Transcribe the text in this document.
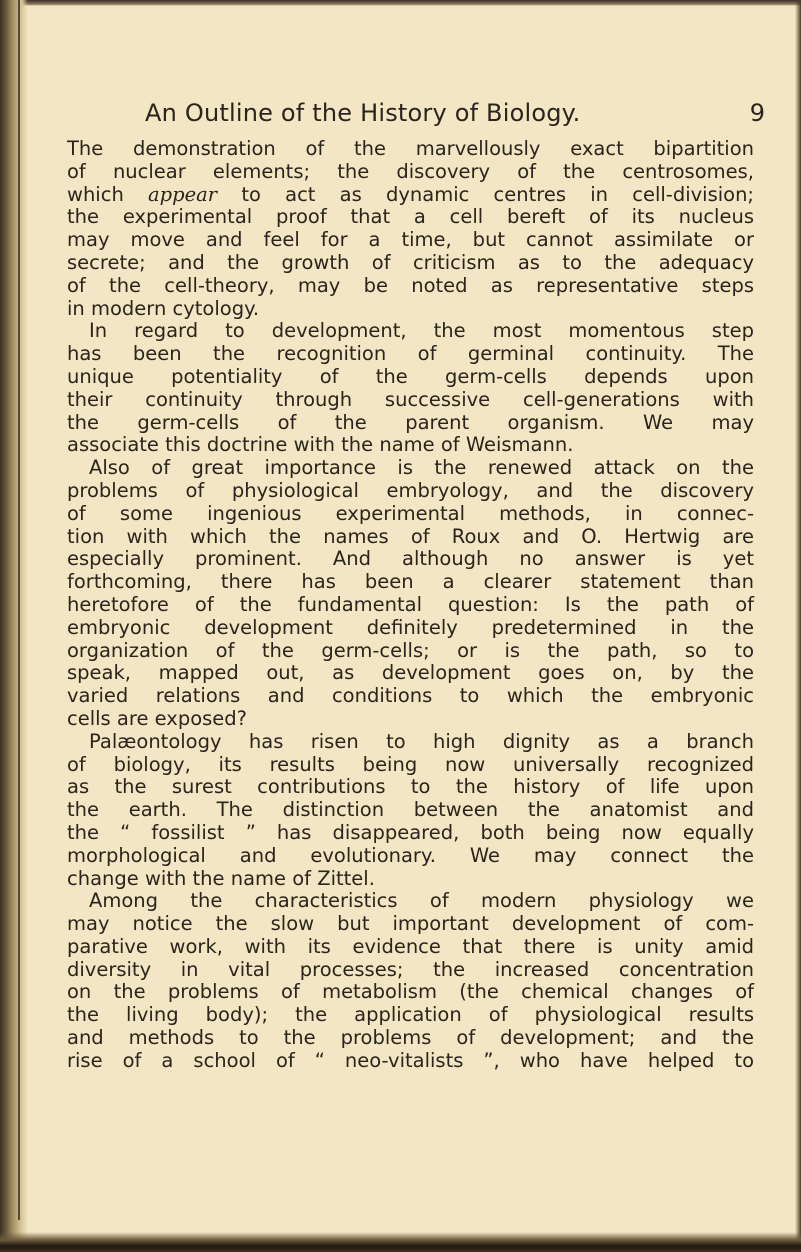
An Outline of the History of Biology.	9

The demonstration of the marvellously exact bipartition
of nuclear elements; the discovery of the centrosomes,
which appear to act as dynamic centres in cell-division;
the experimental proof that a cell bereft of its nucleus
may move and feel for a time, but cannot assimilate or
secrete; and the growth of criticism as to the adequacy
of the cell-theory, may be noted as representative steps
in modern cytology.

In regard to development, the most momentous step
has been the recognition of germinal continuity. The
unique potentiality of the germ-cells depends upon
their continuity through successive cell-generations with
the germ-cells of the parent organism. We may
associate this doctrine with the name of Weismann.

Also of great importance is the renewed attack on the
problems of physiological embryology, and the discovery
of some ingenious experimental methods, in connec-
tion with which the names of Roux and O. Hertwig are
especially prominent. And although no answer is yet
forthcoming, there has been a clearer statement than
heretofore of the fundamental question: Is the path of
embryonic development definitely predetermined in the
organization of the germ-cells; or is the path, so to
speak, mapped out, as development goes on, by the
varied relations and conditions to which the embryonic
cells are exposed?

Palæontology has risen to high dignity as a branch
of biology, its results being now universally recognized
as the surest contributions to the history of life upon
the earth. The distinction between the anatomist and
the “ fossilist ” has disappeared, both being now equally
morphological and evolutionary. We may connect the
change with the name of Zittel.

Among the characteristics of modern physiology we
may notice the slow but important development of com-
parative work, with its evidence that there is unity amid
diversity in vital processes; the increased concentration
on the problems of metabolism (the chemical changes of
the living body); the application of physiological results
and methods to the problems of development; and the
rise of a school of “ neo-vitalists ”, who have helped to
